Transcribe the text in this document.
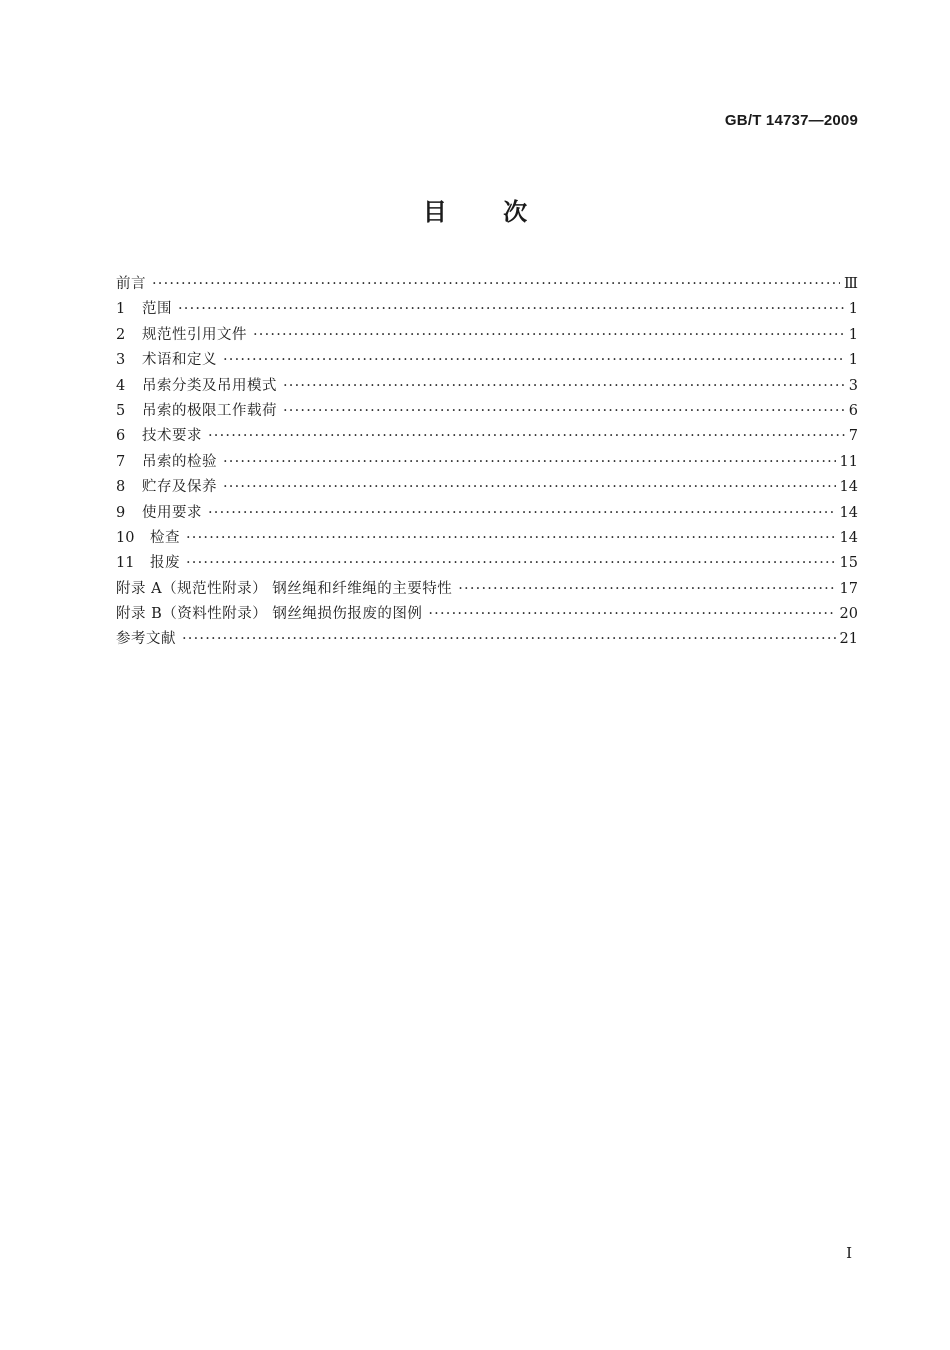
GB/T 14737—2009
目 次
前言 ·····	Ⅲ
1	范围 ·····	1
2	规范性引用文件 ·····	1
3	术语和定义 ·····	1
4	吊索分类及吊用模式 ·····	3
5	吊索的极限工作载荷 ·····	6
6	技术要求 ·····	7
7	吊索的检验 ·····	11
8	贮存及保养 ·····	14
9	使用要求 ·····	14
10	检查 ·····	14
11	报废 ·····	15
附录 A（规范性附录） 钢丝绳和纤维绳的主要特性 ·····	17
附录 B（资料性附录） 钢丝绳损伤报废的图例 ·····	20
参考文献 ·····	21
I
